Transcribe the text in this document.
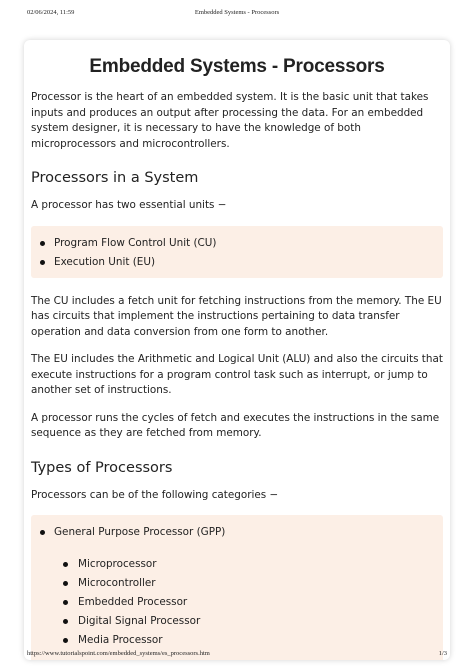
02/06/2024, 11:59	Embedded Systems - Processors
Embedded Systems - Processors

Processor is the heart of an embedded system. It is the basic unit that takes inputs and produces an output after processing the data. For an embedded system designer, it is necessary to have the knowledge of both microprocessors and microcontrollers.

Processors in a System

A processor has two essential units −

Program Flow Control Unit (CU)
Execution Unit (EU)

The CU includes a fetch unit for fetching instructions from the memory. The EU has circuits that implement the instructions pertaining to data transfer operation and data conversion from one form to another.

The EU includes the Arithmetic and Logical Unit (ALU) and also the circuits that execute instructions for a program control task such as interrupt, or jump to another set of instructions.

A processor runs the cycles of fetch and executes the instructions in the same sequence as they are fetched from memory.

Types of Processors

Processors can be of the following categories −

General Purpose Processor (GPP)
Microprocessor
Microcontroller
Embedded Processor
Digital Signal Processor
Media Processor
https://www.tutorialspoint.com/embedded_systems/es_processors.htm	1/3
